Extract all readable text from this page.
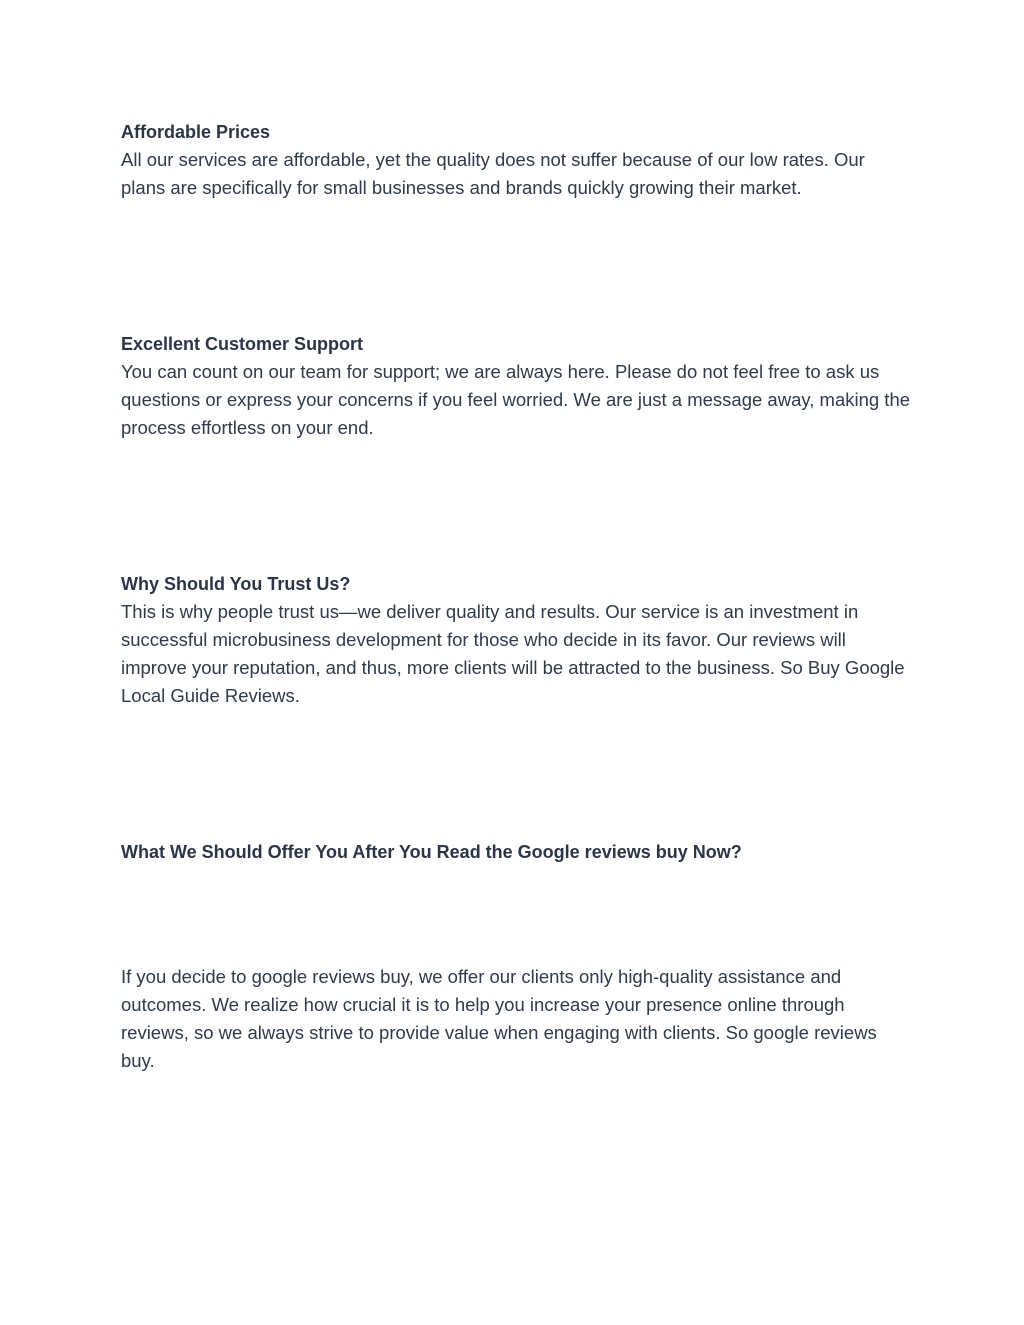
Affordable Prices

All our services are affordable, yet the quality does not suffer because of our low rates. Our plans are specifically for small businesses and brands quickly growing their market.

Excellent Customer Support

You can count on our team for support; we are always here. Please do not feel free to ask us questions or express your concerns if you feel worried. We are just a message away, making the process effortless on your end.

Why Should You Trust Us?

This is why people trust us—we deliver quality and results. Our service is an investment in successful microbusiness development for those who decide in its favor. Our reviews will improve your reputation, and thus, more clients will be attracted to the business. So Buy Google Local Guide Reviews.

What We Should Offer You After You Read the Google reviews buy Now?

If you decide to google reviews buy, we offer our clients only high-quality assistance and outcomes. We realize how crucial it is to help you increase your presence online through reviews, so we always strive to provide value when engaging with clients. So google reviews buy.
